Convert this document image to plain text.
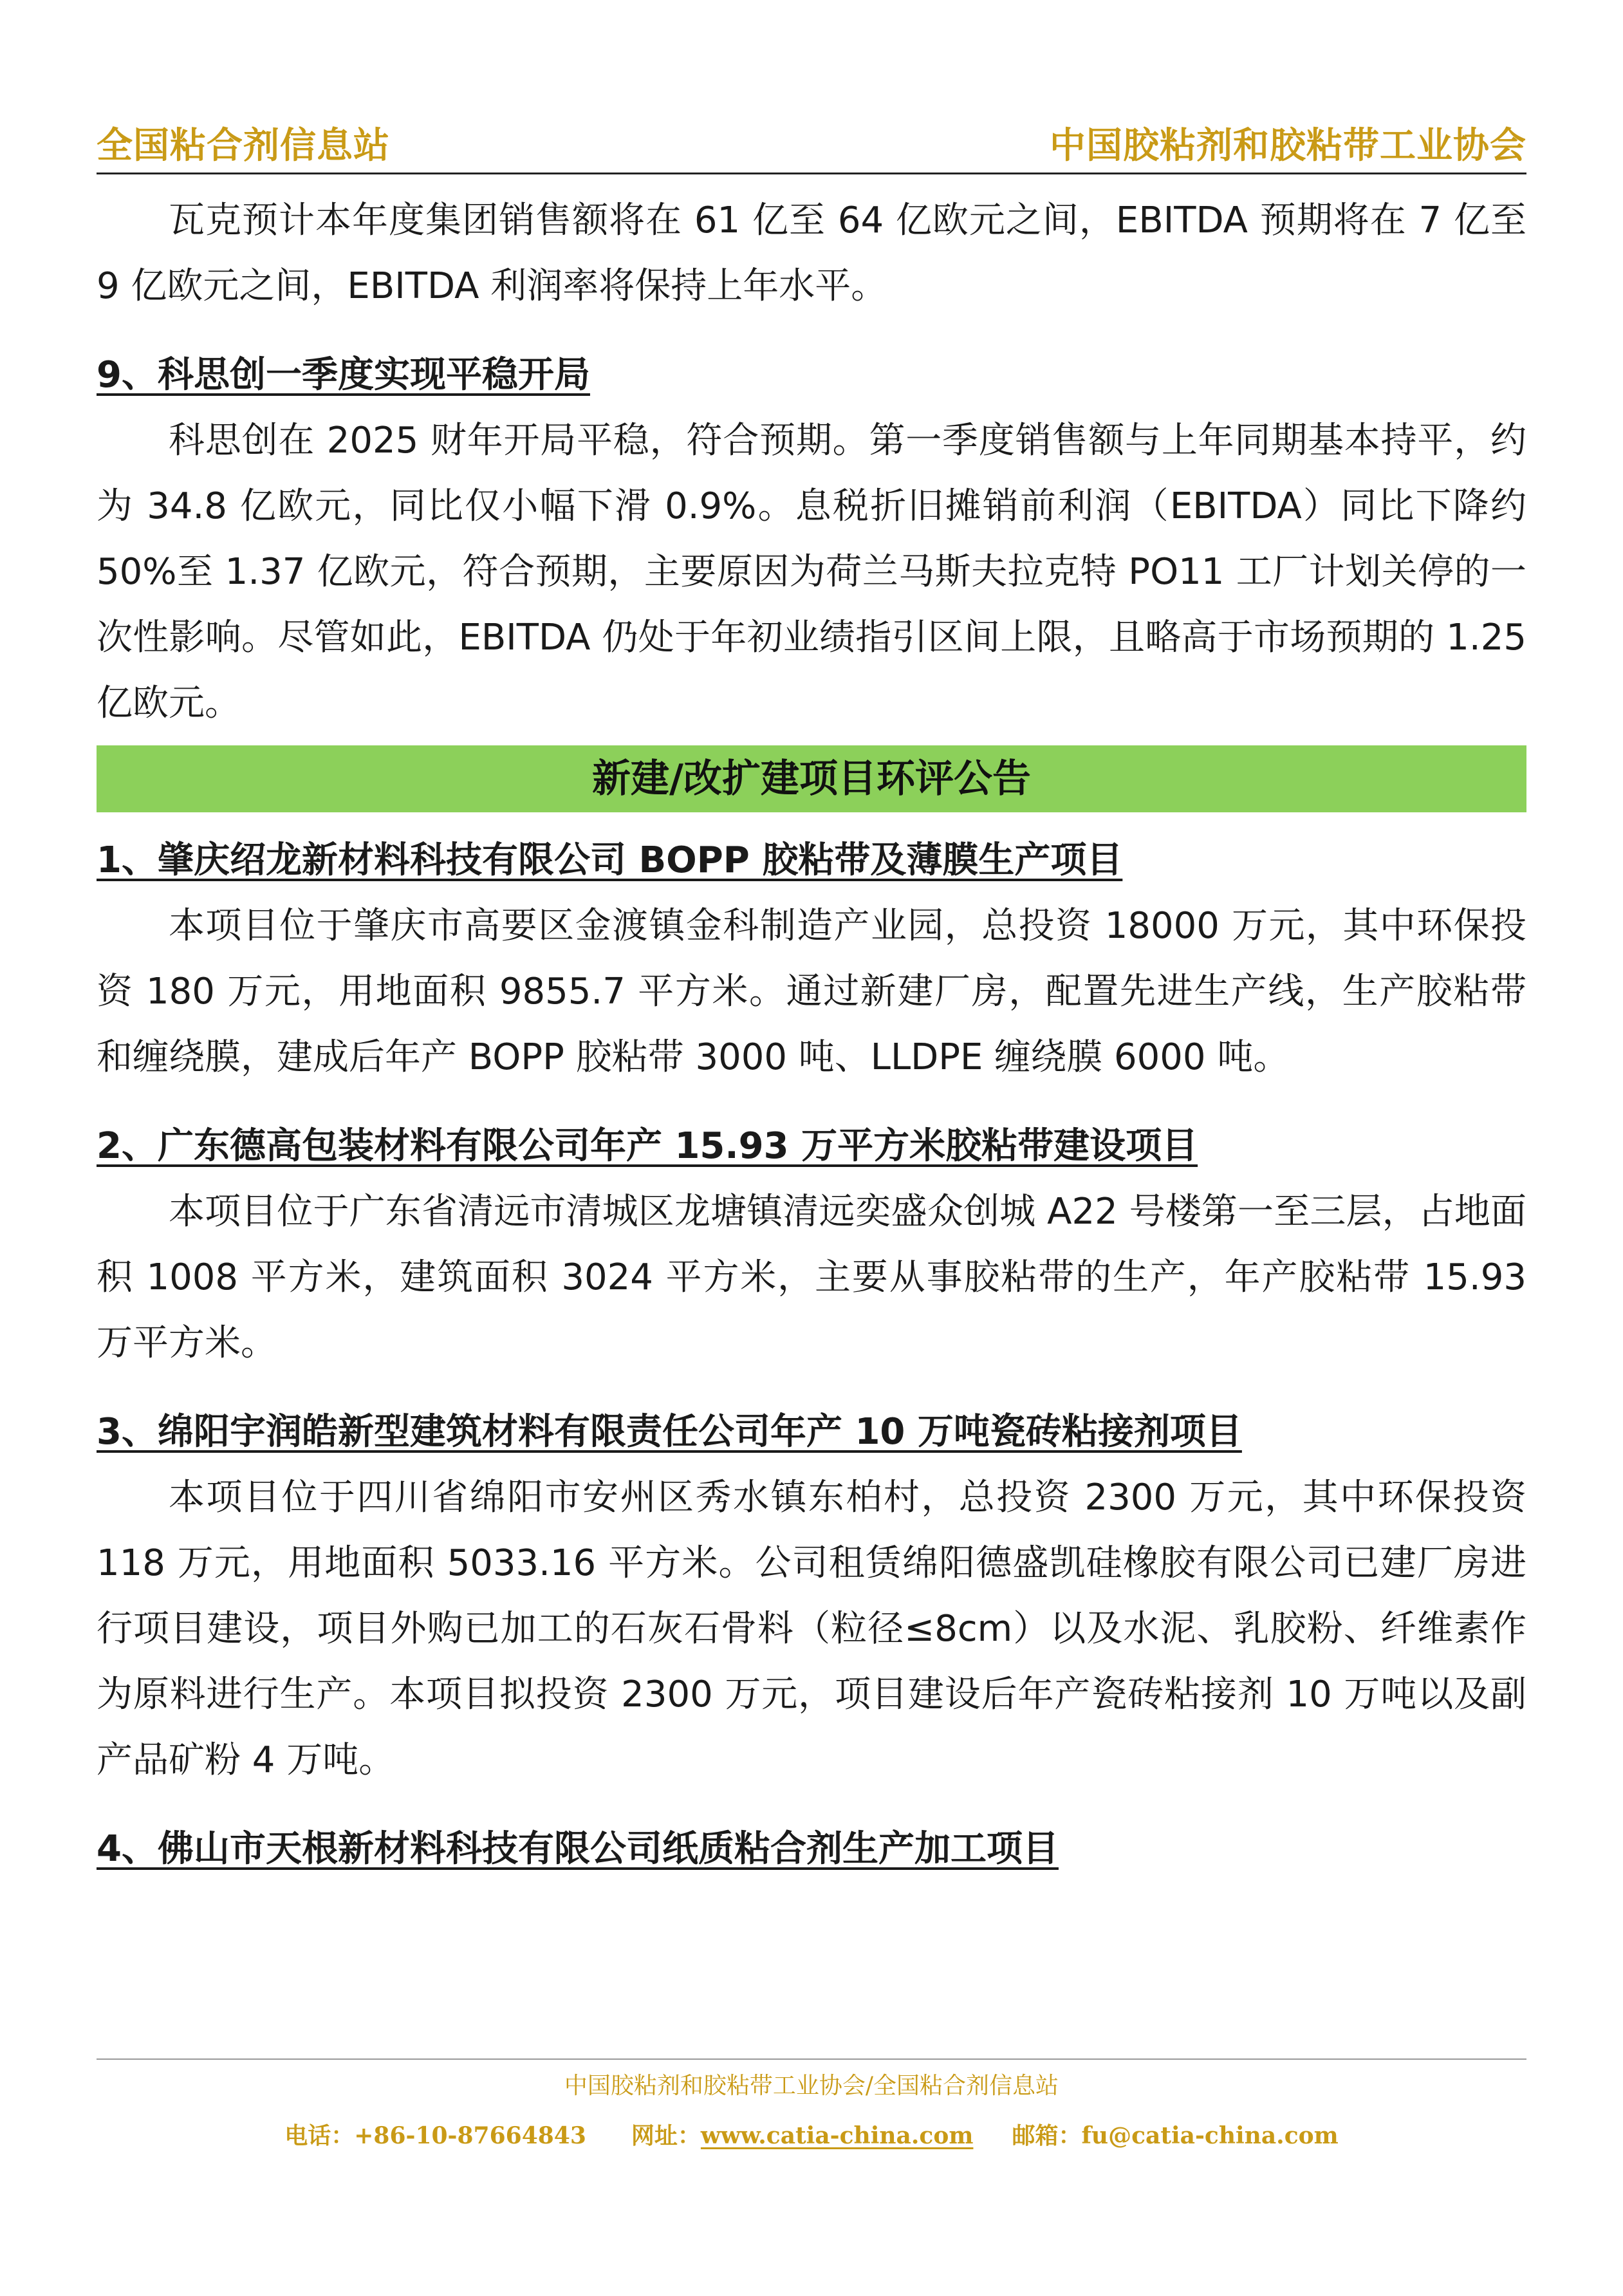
全国粘合剂信息站	中国胶粘剂和胶粘带工业协会

瓦克预计本年度集团销售额将在 61 亿至 64 亿欧元之间，EBITDA 预期将在 7 亿至 9 亿欧元之间，EBITDA 利润率将保持上年水平。

9、科思创一季度实现平稳开局

科思创在 2025 财年开局平稳，符合预期。第一季度销售额与上年同期基本持平，约为 34.8 亿欧元，同比仅小幅下滑 0.9%。息税折旧摊销前利润（EBITDA）同比下降约 50%至 1.37 亿欧元，符合预期，主要原因为荷兰马斯夫拉克特 PO11 工厂计划关停的一次性影响。尽管如此，EBITDA 仍处于年初业绩指引区间上限，且略高于市场预期的 1.25 亿欧元。

新建/改扩建项目环评公告

1、肇庆绍龙新材料科技有限公司 BOPP 胶粘带及薄膜生产项目

本项目位于肇庆市高要区金渡镇金科制造产业园，总投资 18000 万元，其中环保投资 180 万元，用地面积 9855.7 平方米。通过新建厂房，配置先进生产线，生产胶粘带和缠绕膜，建成后年产 BOPP 胶粘带 3000 吨、LLDPE 缠绕膜 6000 吨。

2、广东德高包装材料有限公司年产 15.93 万平方米胶粘带建设项目

本项目位于广东省清远市清城区龙塘镇清远奕盛众创城 A22 号楼第一至三层，占地面积 1008 平方米，建筑面积 3024 平方米，主要从事胶粘带的生产，年产胶粘带 15.93 万平方米。

3、绵阳宇润皓新型建筑材料有限责任公司年产 10 万吨瓷砖粘接剂项目

本项目位于四川省绵阳市安州区秀水镇东柏村，总投资 2300 万元，其中环保投资 118 万元，用地面积 5033.16 平方米。公司租赁绵阳德盛凯硅橡胶有限公司已建厂房进行项目建设，项目外购已加工的石灰石骨料（粒径≤8cm）以及水泥、乳胶粉、纤维素作为原料进行生产。本项目拟投资 2300 万元，项目建设后年产瓷砖粘接剂 10 万吨以及副产品矿粉 4 万吨。

4、佛山市天根新材料科技有限公司纸质粘合剂生产加工项目

中国胶粘剂和胶粘带工业协会/全国粘合剂信息站
电话：+86-10-87664843 网址：www.catia-china.com 邮箱：fu@catia-china.com
